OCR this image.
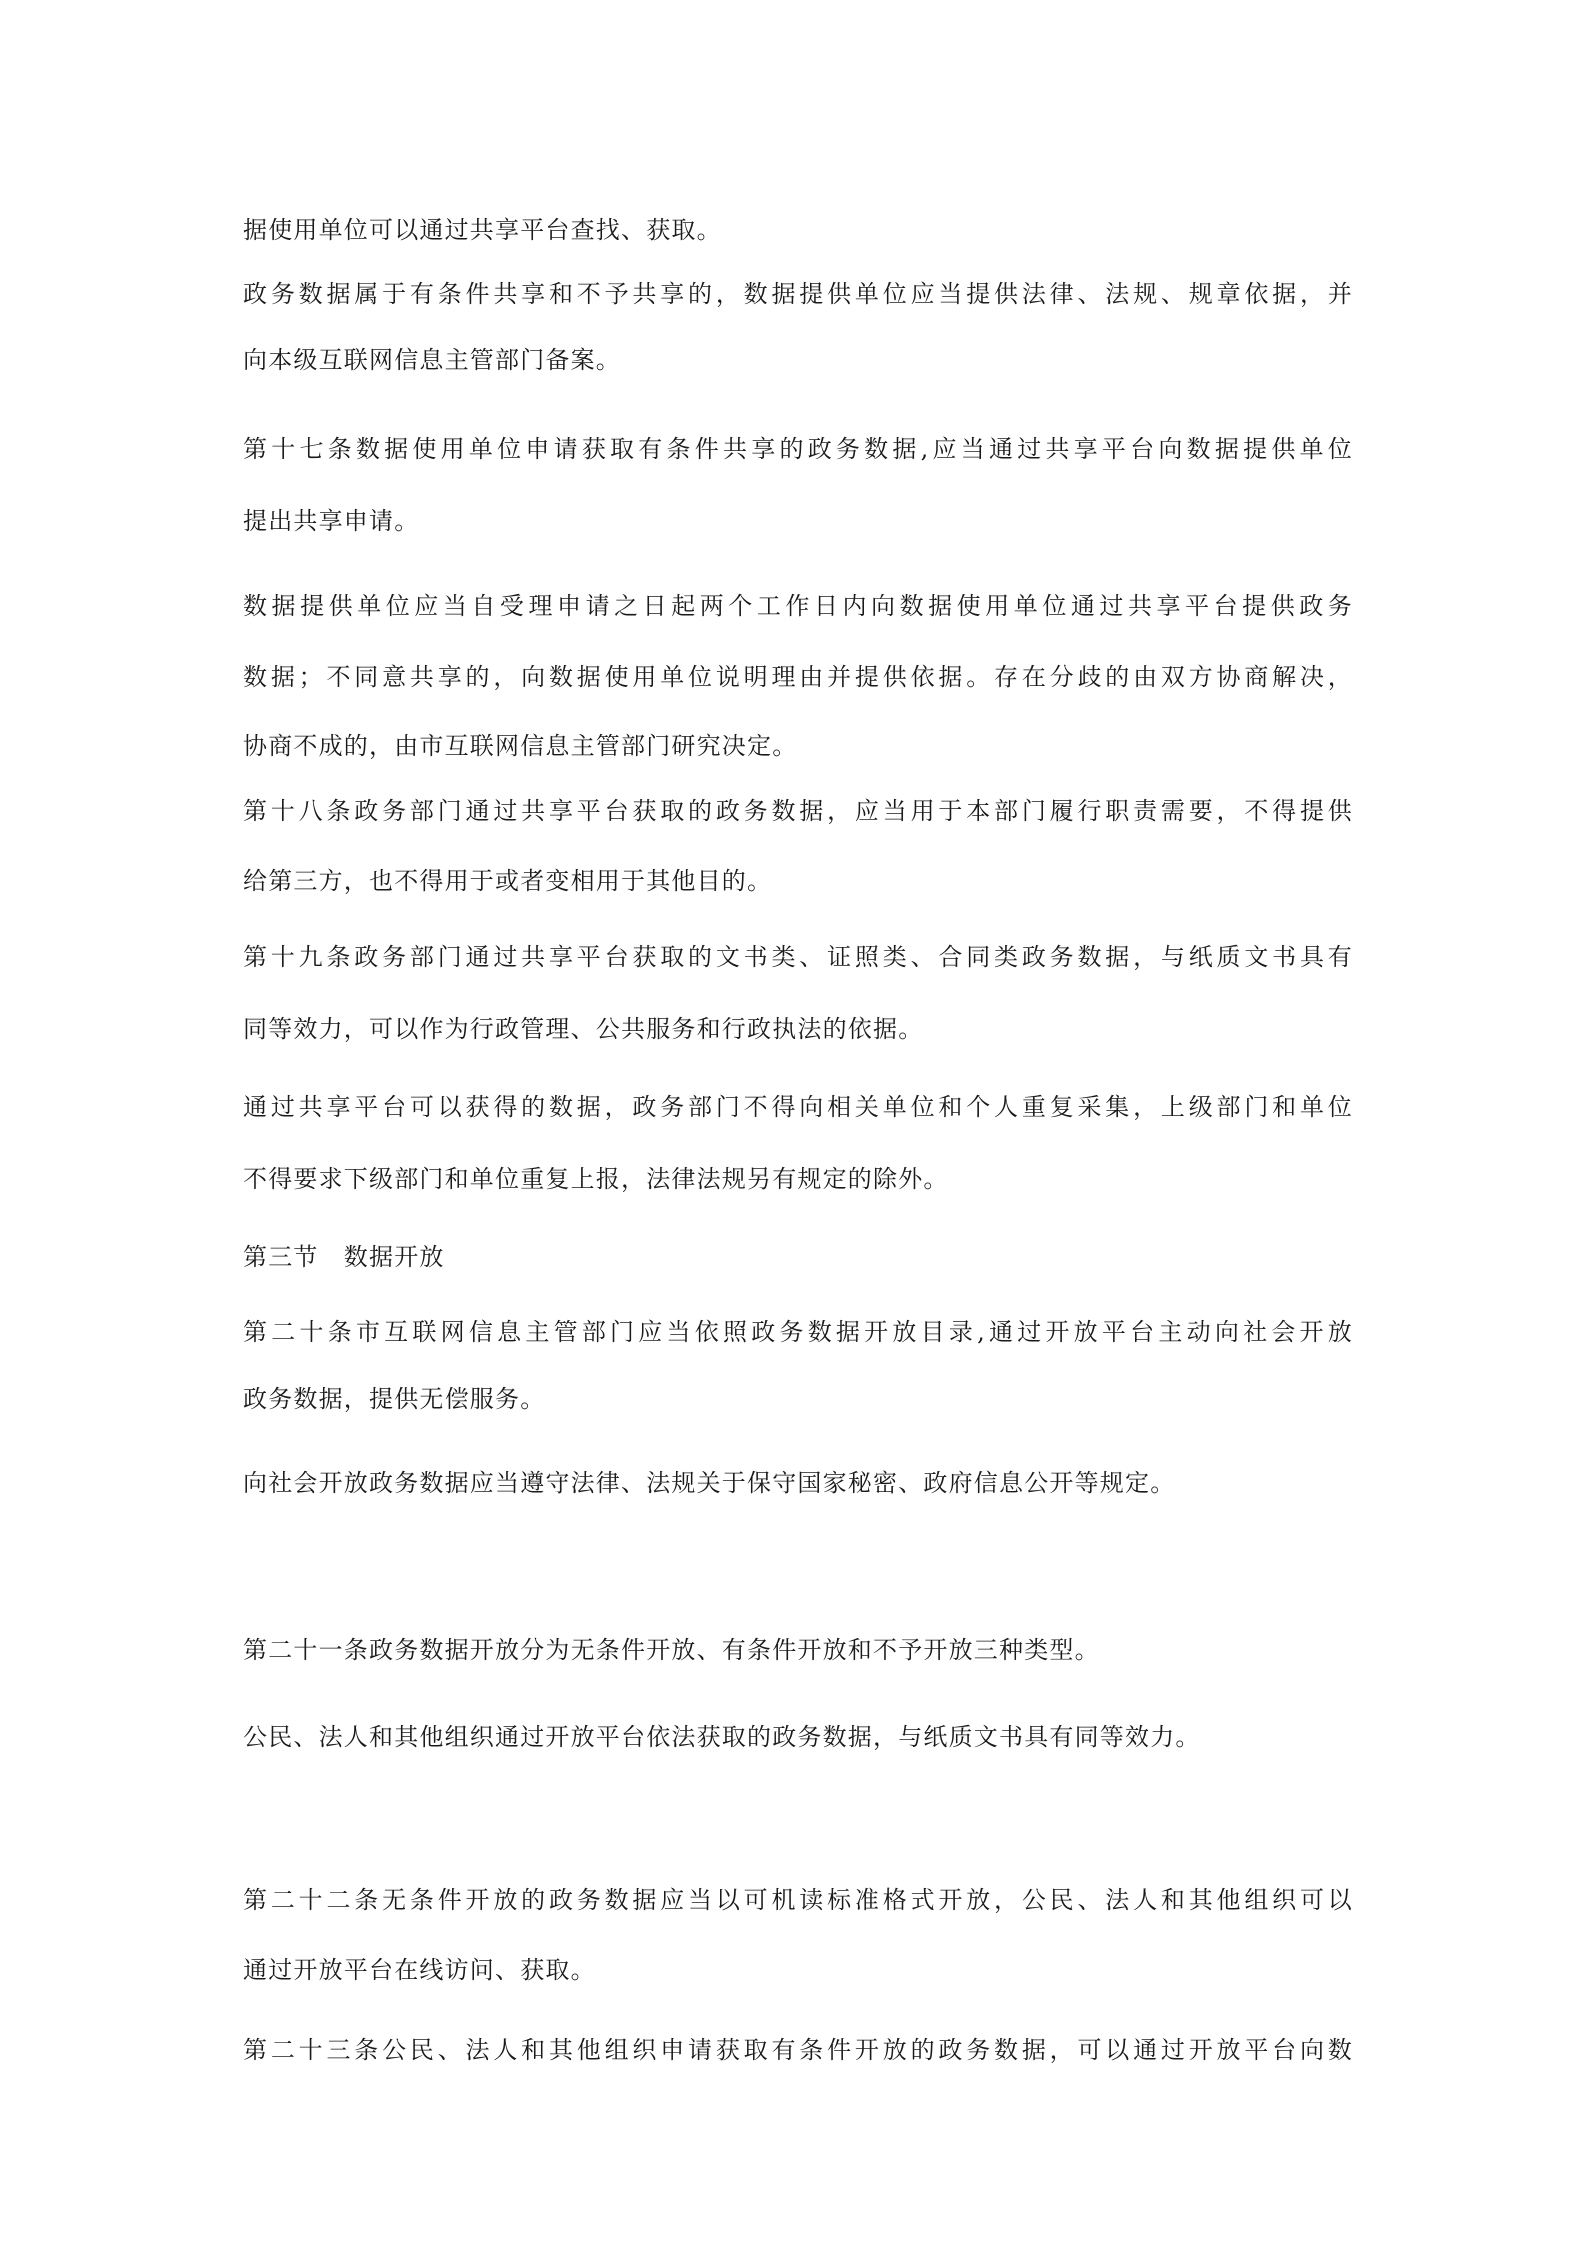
据使用单位可以通过共享平台查找、获取。

政务数据属于有条件共享和不予共享的，数据提供单位应当提供法律、法规、规章依据，并

向本级互联网信息主管部门备案。

第十七条数据使用单位申请获取有条件共享的政务数据,应当通过共享平台向数据提供单位

提出共享申请。

数据提供单位应当自受理申请之日起两个工作日内向数据使用单位通过共享平台提供政务

数据；不同意共享的，向数据使用单位说明理由并提供依据。存在分歧的由双方协商解决，

协商不成的，由市互联网信息主管部门研究决定。

第十八条政务部门通过共享平台获取的政务数据，应当用于本部门履行职责需要，不得提供

给第三方，也不得用于或者变相用于其他目的。

第十九条政务部门通过共享平台获取的文书类、证照类、合同类政务数据，与纸质文书具有

同等效力，可以作为行政管理、公共服务和行政执法的依据。

通过共享平台可以获得的数据，政务部门不得向相关单位和个人重复采集，上级部门和单位

不得要求下级部门和单位重复上报，法律法规另有规定的除外。

第三节　数据开放

第二十条市互联网信息主管部门应当依照政务数据开放目录,通过开放平台主动向社会开放

政务数据，提供无偿服务。

向社会开放政务数据应当遵守法律、法规关于保守国家秘密、政府信息公开等规定。

第二十一条政务数据开放分为无条件开放、有条件开放和不予开放三种类型。

公民、法人和其他组织通过开放平台依法获取的政务数据，与纸质文书具有同等效力。

第二十二条无条件开放的政务数据应当以可机读标准格式开放，公民、法人和其他组织可以

通过开放平台在线访问、获取。

第二十三条公民、法人和其他组织申请获取有条件开放的政务数据，可以通过开放平台向数
